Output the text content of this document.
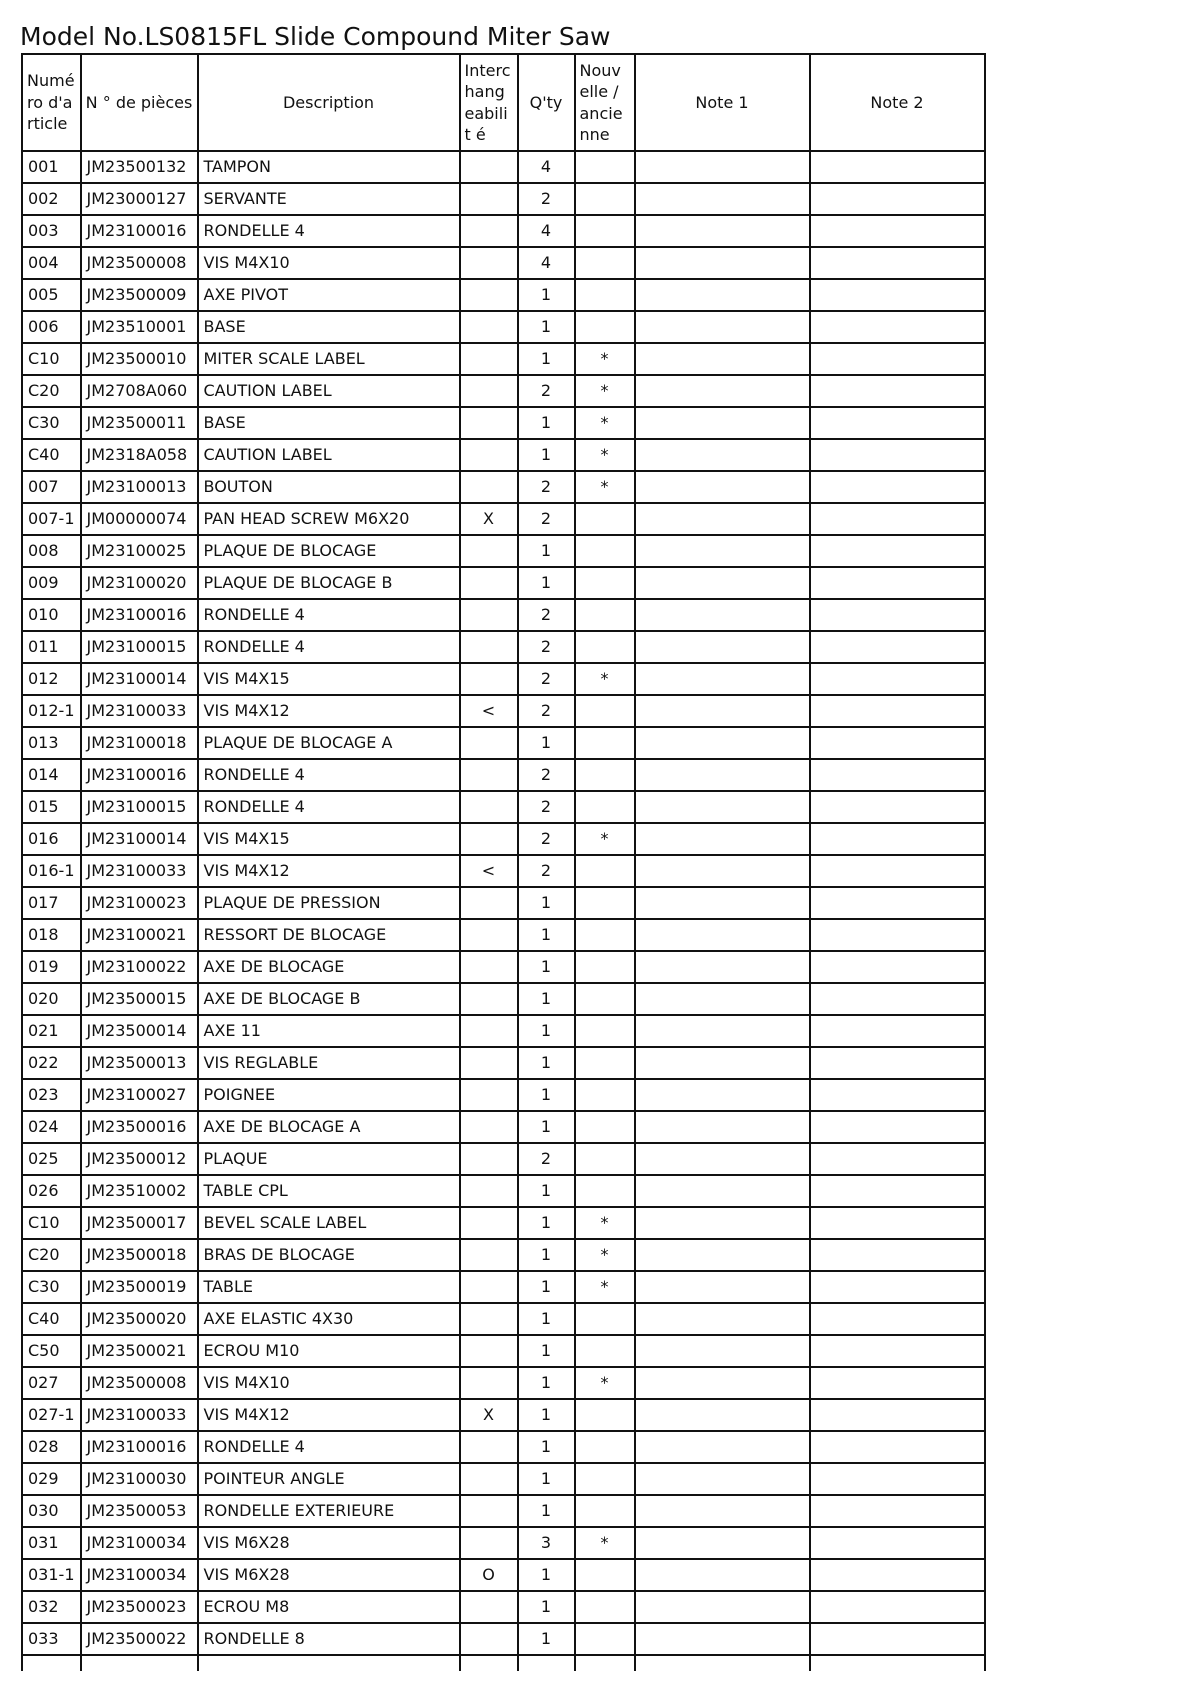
Model No.LS0815FL Slide Compound Miter Saw
Numé ro d'a rticle	N ° de pièces	Description	Interc hang eabilit é	Q'ty	Nouv elle / ancie nne	Note 1	Note 2
001	JM23500132	TAMPON		4			
002	JM23000127	SERVANTE		2			
003	JM23100016	RONDELLE 4		4			
004	JM23500008	VIS M4X10		4			
005	JM23500009	AXE PIVOT		1			
006	JM23510001	BASE		1			
C10	JM23500010	MITER SCALE LABEL		1	*		
C20	JM2708A060	CAUTION LABEL		2	*		
C30	JM23500011	BASE		1	*		
C40	JM2318A058	CAUTION LABEL		1	*		
007	JM23100013	BOUTON		2	*		
007-1	JM00000074	PAN HEAD SCREW M6X20	X	2			
008	JM23100025	PLAQUE DE BLOCAGE		1			
009	JM23100020	PLAQUE DE BLOCAGE B		1			
010	JM23100016	RONDELLE 4		2			
011	JM23100015	RONDELLE 4		2			
012	JM23100014	VIS M4X15		2	*		
012-1	JM23100033	VIS M4X12	<	2			
013	JM23100018	PLAQUE DE BLOCAGE A		1			
014	JM23100016	RONDELLE 4		2			
015	JM23100015	RONDELLE 4		2			
016	JM23100014	VIS M4X15		2	*		
016-1	JM23100033	VIS M4X12	<	2			
017	JM23100023	PLAQUE DE PRESSION		1			
018	JM23100021	RESSORT DE BLOCAGE		1			
019	JM23100022	AXE DE BLOCAGE		1			
020	JM23500015	AXE DE BLOCAGE B		1			
021	JM23500014	AXE 11		1			
022	JM23500013	VIS REGLABLE		1			
023	JM23100027	POIGNEE		1			
024	JM23500016	AXE DE BLOCAGE A		1			
025	JM23500012	PLAQUE		2			
026	JM23510002	TABLE CPL		1			
C10	JM23500017	BEVEL SCALE LABEL		1	*		
C20	JM23500018	BRAS DE BLOCAGE		1	*		
C30	JM23500019	TABLE		1	*		
C40	JM23500020	AXE ELASTIC 4X30		1			
C50	JM23500021	ECROU M10		1			
027	JM23500008	VIS M4X10		1	*		
027-1	JM23100033	VIS M4X12	X	1			
028	JM23100016	RONDELLE 4		1			
029	JM23100030	POINTEUR ANGLE		1			
030	JM23500053	RONDELLE EXTERIEURE		1			
031	JM23100034	VIS M6X28		3	*		
031-1	JM23100034	VIS M6X28	O	1			
032	JM23500023	ECROU M8		1			
033	JM23500022	RONDELLE 8		1			
